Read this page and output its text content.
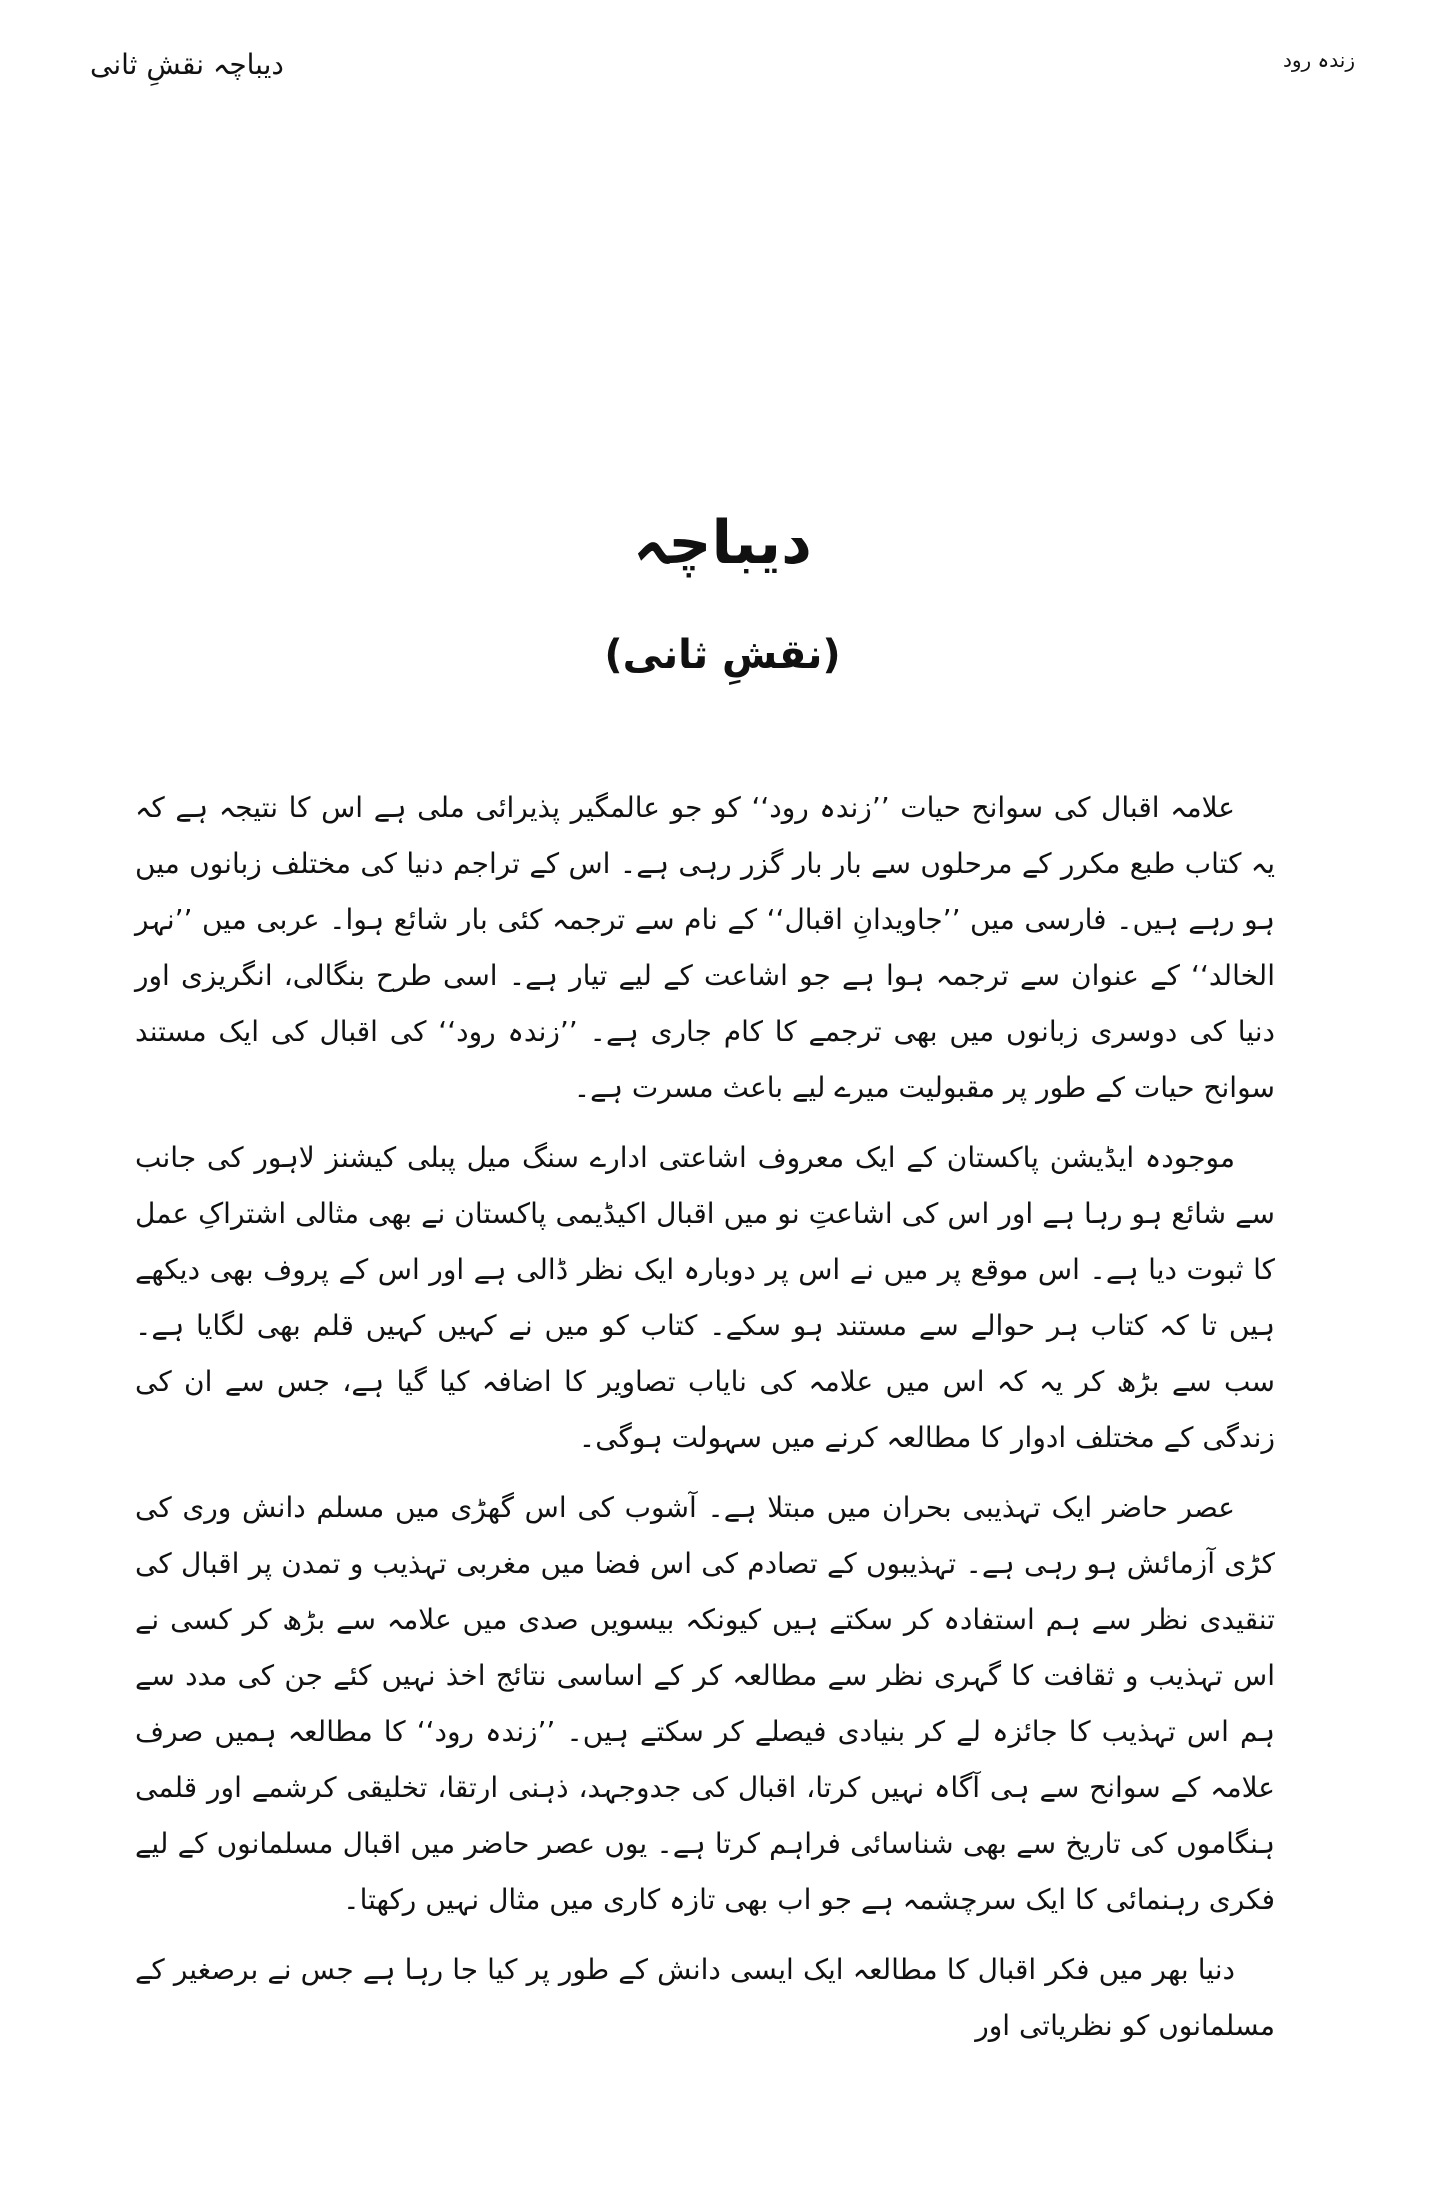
زندہ رود
دیباچہ نقشِ ثانی
دیباچہ
(نقشِ ثانی)

علامہ اقبال کی سوانح حیات ’’زندہ رود‘‘ کو جو عالمگیر پذیرائی ملی ہے اس کا نتیجہ ہے کہ یہ کتاب طبع مکرر کے مرحلوں سے بار بار گزر رہی ہے۔ اس کے تراجم دنیا کی مختلف زبانوں میں ہو رہے ہیں۔ فارسی میں ’’جاویدانِ اقبال‘‘ کے نام سے ترجمہ کئی بار شائع ہوا۔ عربی میں ’’نہر الخالد‘‘ کے عنوان سے ترجمہ ہوا ہے جو اشاعت کے لیے تیار ہے۔ اسی طرح بنگالی، انگریزی اور دنیا کی دوسری زبانوں میں بھی ترجمے کا کام جاری ہے۔ ’’زندہ رود‘‘ کی اقبال کی ایک مستند سوانح حیات کے طور پر مقبولیت میرے لیے باعث مسرت ہے۔

موجودہ ایڈیشن پاکستان کے ایک معروف اشاعتی ادارے سنگ میل پبلی کیشنز لاہور کی جانب سے شائع ہو رہا ہے اور اس کی اشاعتِ نو میں اقبال اکیڈیمی پاکستان نے بھی مثالی اشتراکِ عمل کا ثبوت دیا ہے۔ اس موقع پر میں نے اس پر دوبارہ ایک نظر ڈالی ہے اور اس کے پروف بھی دیکھے ہیں تا کہ کتاب ہر حوالے سے مستند ہو سکے۔ کتاب کو میں نے کہیں کہیں قلم بھی لگایا ہے۔ سب سے بڑھ کر یہ کہ اس میں علامہ کی نایاب تصاویر کا اضافہ کیا گیا ہے، جس سے ان کی زندگی کے مختلف ادوار کا مطالعہ کرنے میں سہولت ہوگی۔

عصر حاضر ایک تہذیبی بحران میں مبتلا ہے۔ آشوب کی اس گھڑی میں مسلم دانش وری کی کڑی آزمائش ہو رہی ہے۔ تہذیبوں کے تصادم کی اس فضا میں مغربی تہذیب و تمدن پر اقبال کی تنقیدی نظر سے ہم استفادہ کر سکتے ہیں کیونکہ بیسویں صدی میں علامہ سے بڑھ کر کسی نے اس تہذیب و ثقافت کا گہری نظر سے مطالعہ کر کے اساسی نتائج اخذ نہیں کئے جن کی مدد سے ہم اس تہذیب کا جائزہ لے کر بنیادی فیصلے کر سکتے ہیں۔ ’’زندہ رود‘‘ کا مطالعہ ہمیں صرف علامہ کے سوانح سے ہی آگاہ نہیں کرتا، اقبال کی جدوجہد، ذہنی ارتقا، تخلیقی کرشمے اور قلمی ہنگاموں کی تاریخ سے بھی شناسائی فراہم کرتا ہے۔ یوں عصر حاضر میں اقبال مسلمانوں کے لیے فکری رہنمائی کا ایک سرچشمہ ہے جو اب بھی تازہ کاری میں مثال نہیں رکھتا۔

دنیا بھر میں فکر اقبال کا مطالعہ ایک ایسی دانش کے طور پر کیا جا رہا ہے جس نے برصغیر کے مسلمانوں کو نظریاتی اور
